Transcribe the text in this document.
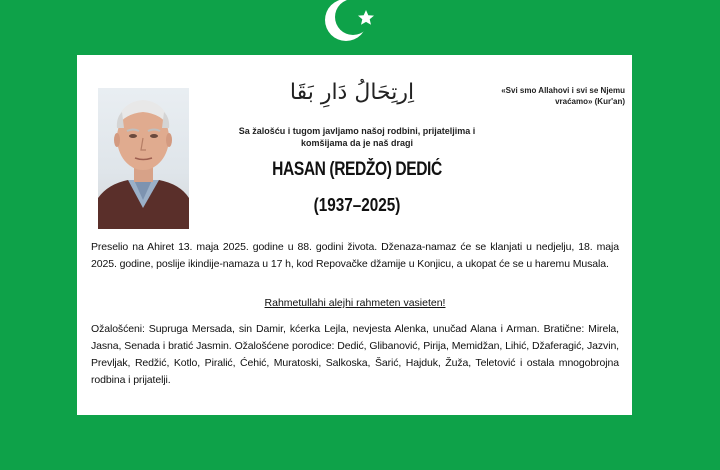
اِرتِحَالُ دَارِ بَقَا	«Svi smo Allahovi i svi se Njemu vraćamo» (Kur'an)
Sa žalošću i tugom javljamo našoj rodbini, prijateljima i komšijama da je naš dragi
HASAN (REDŽO) DEDIĆ
(1937–2025)
Preselio na Ahiret 13. maja 2025. godine u 88. godini života. Dženaza-namaz će se klanjati u nedjelju, 18. maja 2025. godine, poslije ikindije-namaza u 17 h, kod Repovačke džamije u Konjicu, a ukopat će se u haremu Musala.
Rahmetullahi alejhi rahmeten vasieten!
Ožalošćeni: Supruga Mersada, sin Damir, kćerka Lejla, nevjesta Alenka, unučad Alana i Arman. Bratične: Mirela, Jasna, Senada i bratić Jasmin. Ožalošćene porodice: Dedić, Glibanović, Pirija, Memidžan, Lihić, Džaferagić, Jazvin, Prevljak, Redžić, Kotlo, Piralić, Ćehić, Muratoski, Salkoska, Šarić, Hajduk, Žuža, Teletović i ostala mnogobrojna rodbina i prijatelji.
